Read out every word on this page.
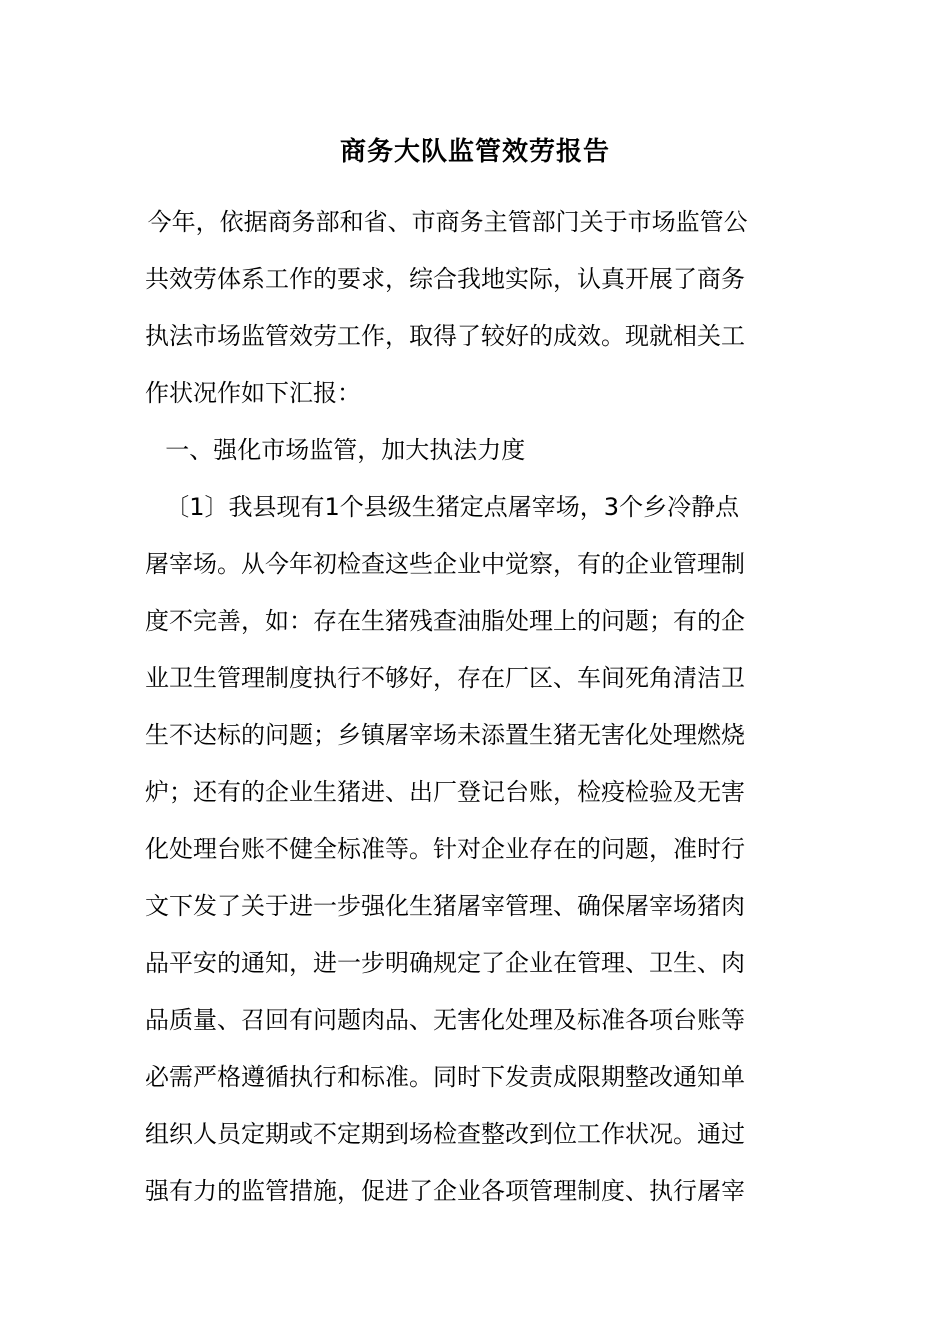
商务大队监管效劳报告
今年，依据商务部和省、市商务主管部门关于市场监管公
共效劳体系工作的要求，综合我地实际，认真开展了商务
执法市场监管效劳工作，取得了较好的成效。现就相关工
作状况作如下汇报：
一、强化市场监管，加大执法力度
〔1〕我县现有1个县级生猪定点屠宰场，3个乡冷静点
屠宰场。从今年初检查这些企业中觉察，有的企业管理制
度不完善，如：存在生猪残查油脂处理上的问题；有的企
业卫生管理制度执行不够好，存在厂区、车间死角清洁卫
生不达标的问题；乡镇屠宰场未添置生猪无害化处理燃烧
炉；还有的企业生猪进、出厂登记台账，检疫检验及无害
化处理台账不健全标准等。针对企业存在的问题，准时行
文下发了关于进一步强化生猪屠宰管理、确保屠宰场猪肉
品平安的通知，进一步明确规定了企业在管理、卫生、肉
品质量、召回有问题肉品、无害化处理及标准各项台账等
必需严格遵循执行和标准。同时下发责成限期整改通知单
组织人员定期或不定期到场检查整改到位工作状况。通过
强有力的监管措施，促进了企业各项管理制度、执行屠宰
